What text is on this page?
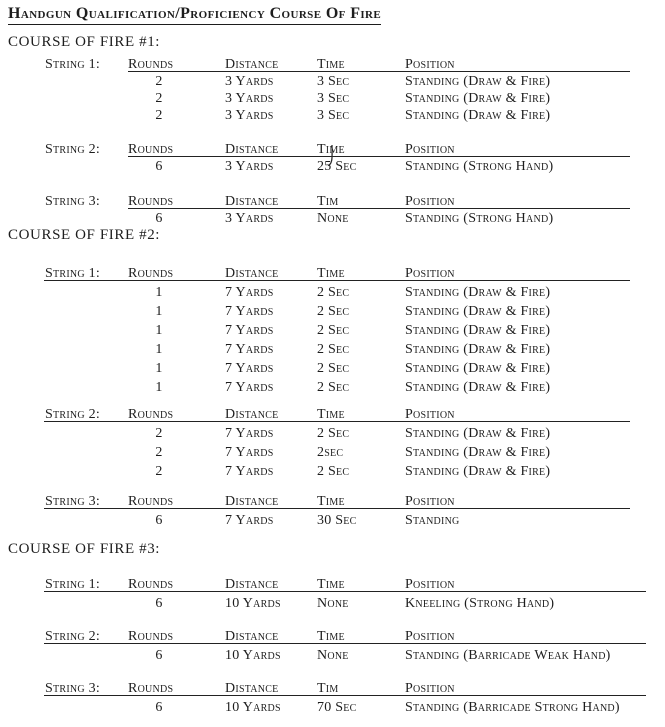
Handgun Qualification/Proficiency Course Of Fire
COURSE OF FIRE #1:
String 1: Rounds	Distance	Time	Position
2	3 Yards	3 Sec	Standing (Draw & Fire)
2	3 Yards	3 Sec	Standing (Draw & Fire)
2	3 Yards	3 Sec	Standing (Draw & Fire)
String 2: Rounds	Distance	Time	Position
6	3 Yards	25 Sec	Standing (Strong Hand)
String 3: Rounds	Distance	Tim	Position
6	3 Yards	None	Standing (Strong Hand)
COURSE OF FIRE #2:
String 1: Rounds	Distance	Time	Position
1	7 Yards	2 Sec	Standing (Draw & Fire)
1	7 Yards	2 Sec	Standing (Draw & Fire)
1	7 Yards	2 Sec	Standing (Draw & Fire)
1	7 Yards	2 Sec	Standing (Draw & Fire)
1	7 Yards	2 Sec	Standing (Draw & Fire)
1	7 Yards	2 Sec	Standing (Draw & Fire)
String 2: Rounds	Distance	Time	Position
2	7 Yards	2 Sec	Standing (Draw & Fire)
2	7 Yards	2sec	Standing (Draw & Fire)
2	7 Yards	2 Sec	Standing (Draw & Fire)
String 3: Rounds	Distance	Time	Position
6	7 Yards	30 Sec	Standing
COURSE OF FIRE #3:
String 1: Rounds	Distance	Time	Position
6	10 Yards	None	Kneeling (Strong Hand)
String 2: Rounds	Distance	Time	Position
6	10 Yards	None	Standing (Barricade Weak Hand)
String 3: Rounds	Distance	Tim	Position
6	10 Yards	70 Sec	Standing (Barricade Strong Hand)
